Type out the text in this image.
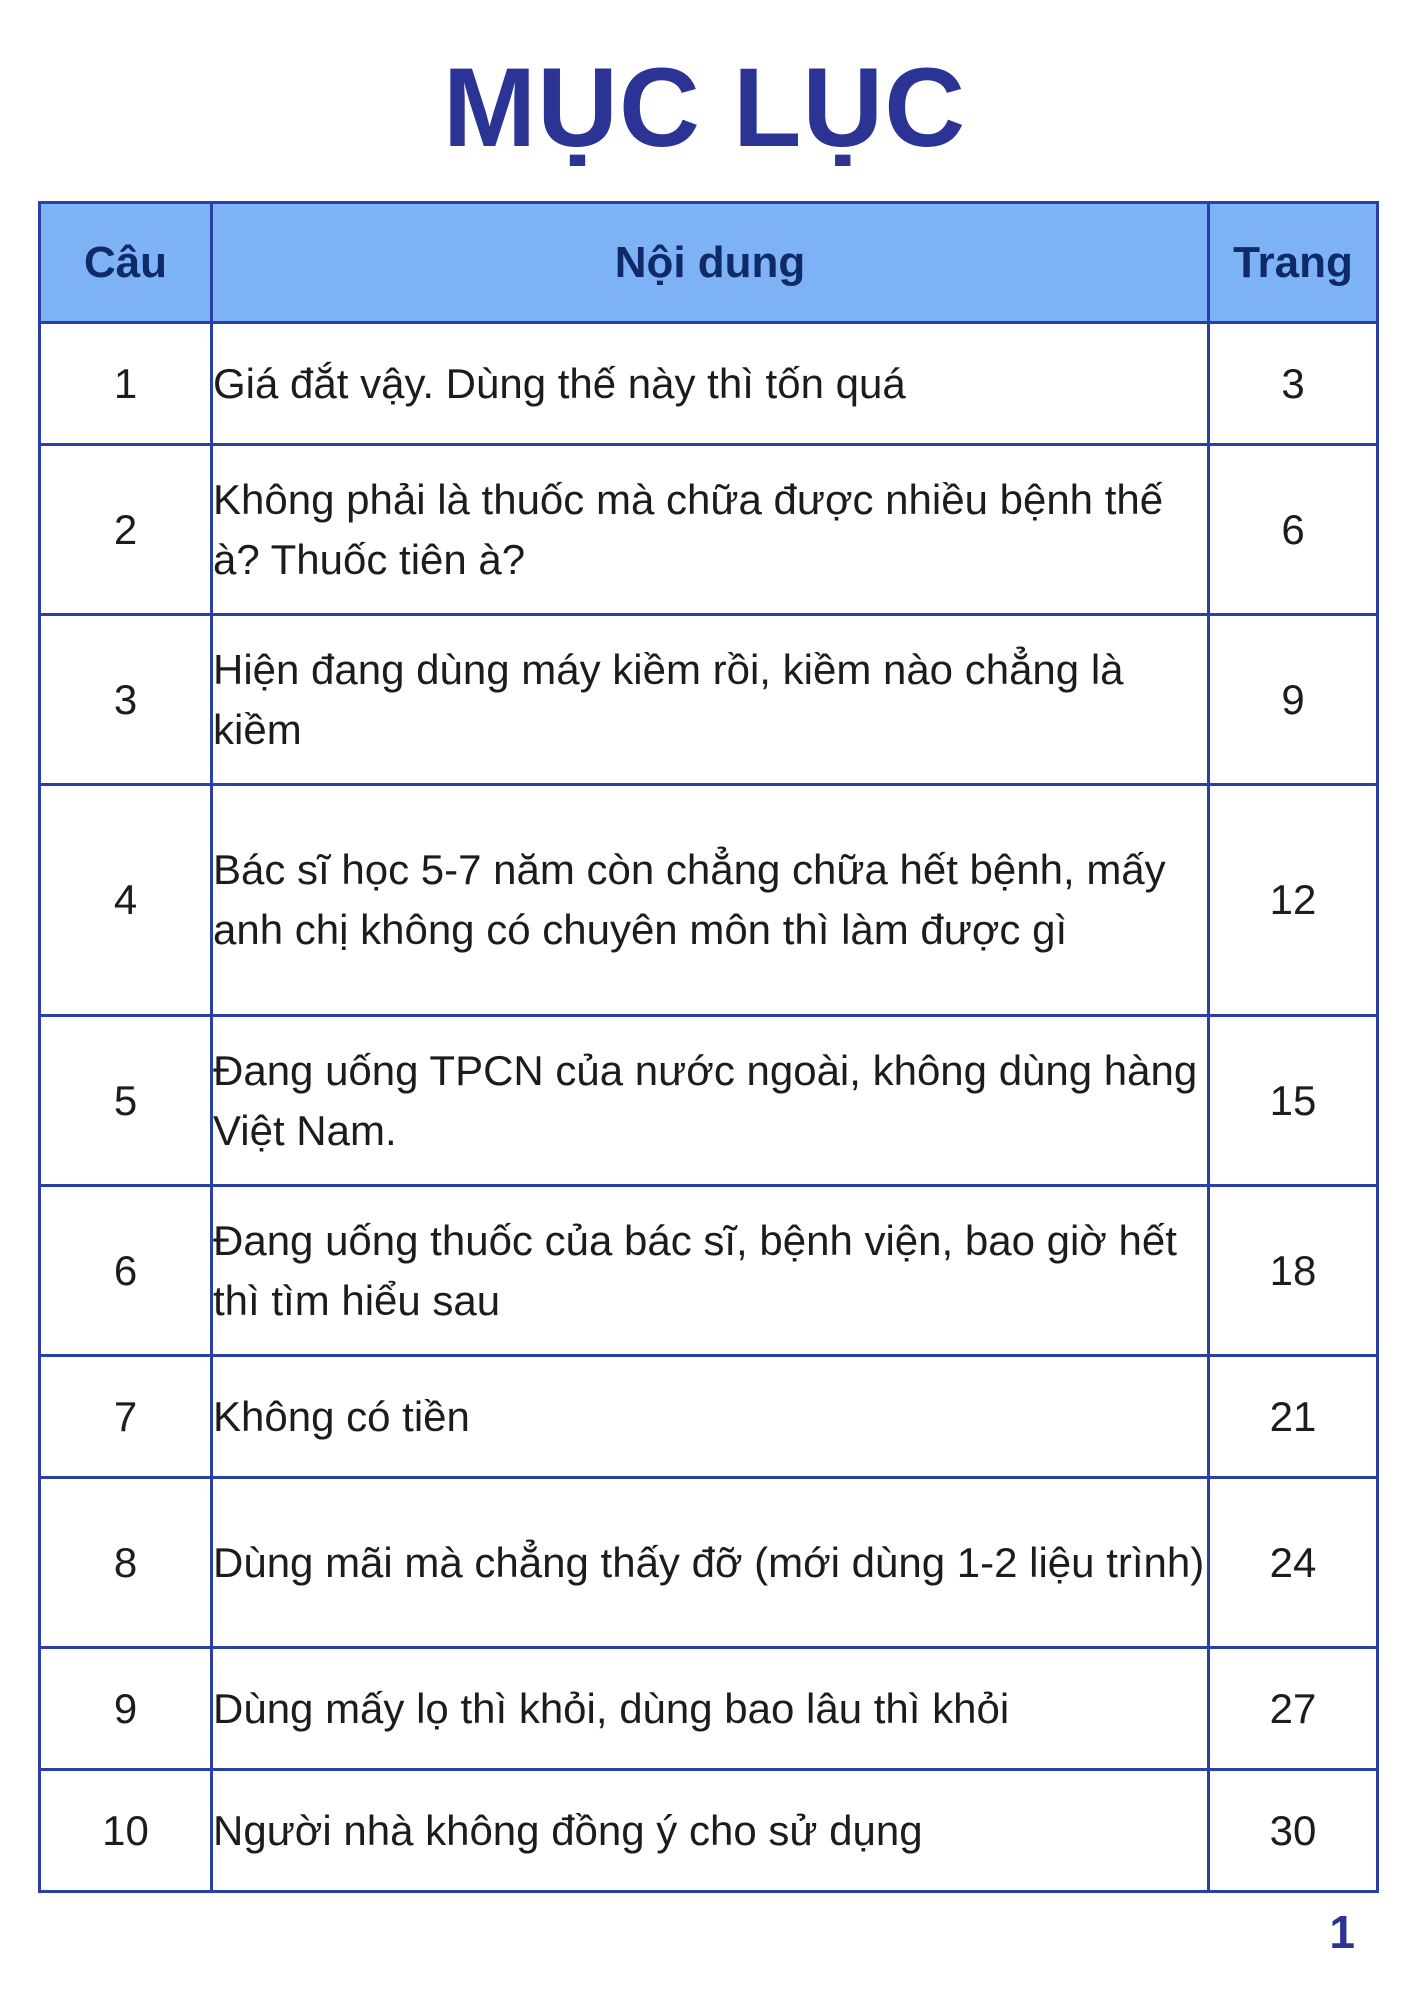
MỤC LỤC
Câu	Nội dung	Trang
1	Giá đắt vậy. Dùng thế này thì tốn quá	3
2	Không phải là thuốc mà chữa được nhiều bệnh thế à? Thuốc tiên à?	6
3	Hiện đang dùng máy kiềm rồi, kiềm nào chẳng là kiềm	9
4	Bác sĩ học 5-7 năm còn chẳng chữa hết bệnh, mấy anh chị không có chuyên môn thì làm được gì	12
5	Đang uống TPCN của nước ngoài, không dùng hàng Việt Nam.	15
6	Đang uống thuốc của bác sĩ, bệnh viện, bao giờ hết thì tìm hiểu sau	18
7	Không có tiền	21
8	Dùng mãi mà chẳng thấy đỡ (mới dùng 1-2 liệu trình)	24
9	Dùng mấy lọ thì khỏi, dùng bao lâu thì khỏi	27
10	Người nhà không đồng ý cho sử dụng	30
1
